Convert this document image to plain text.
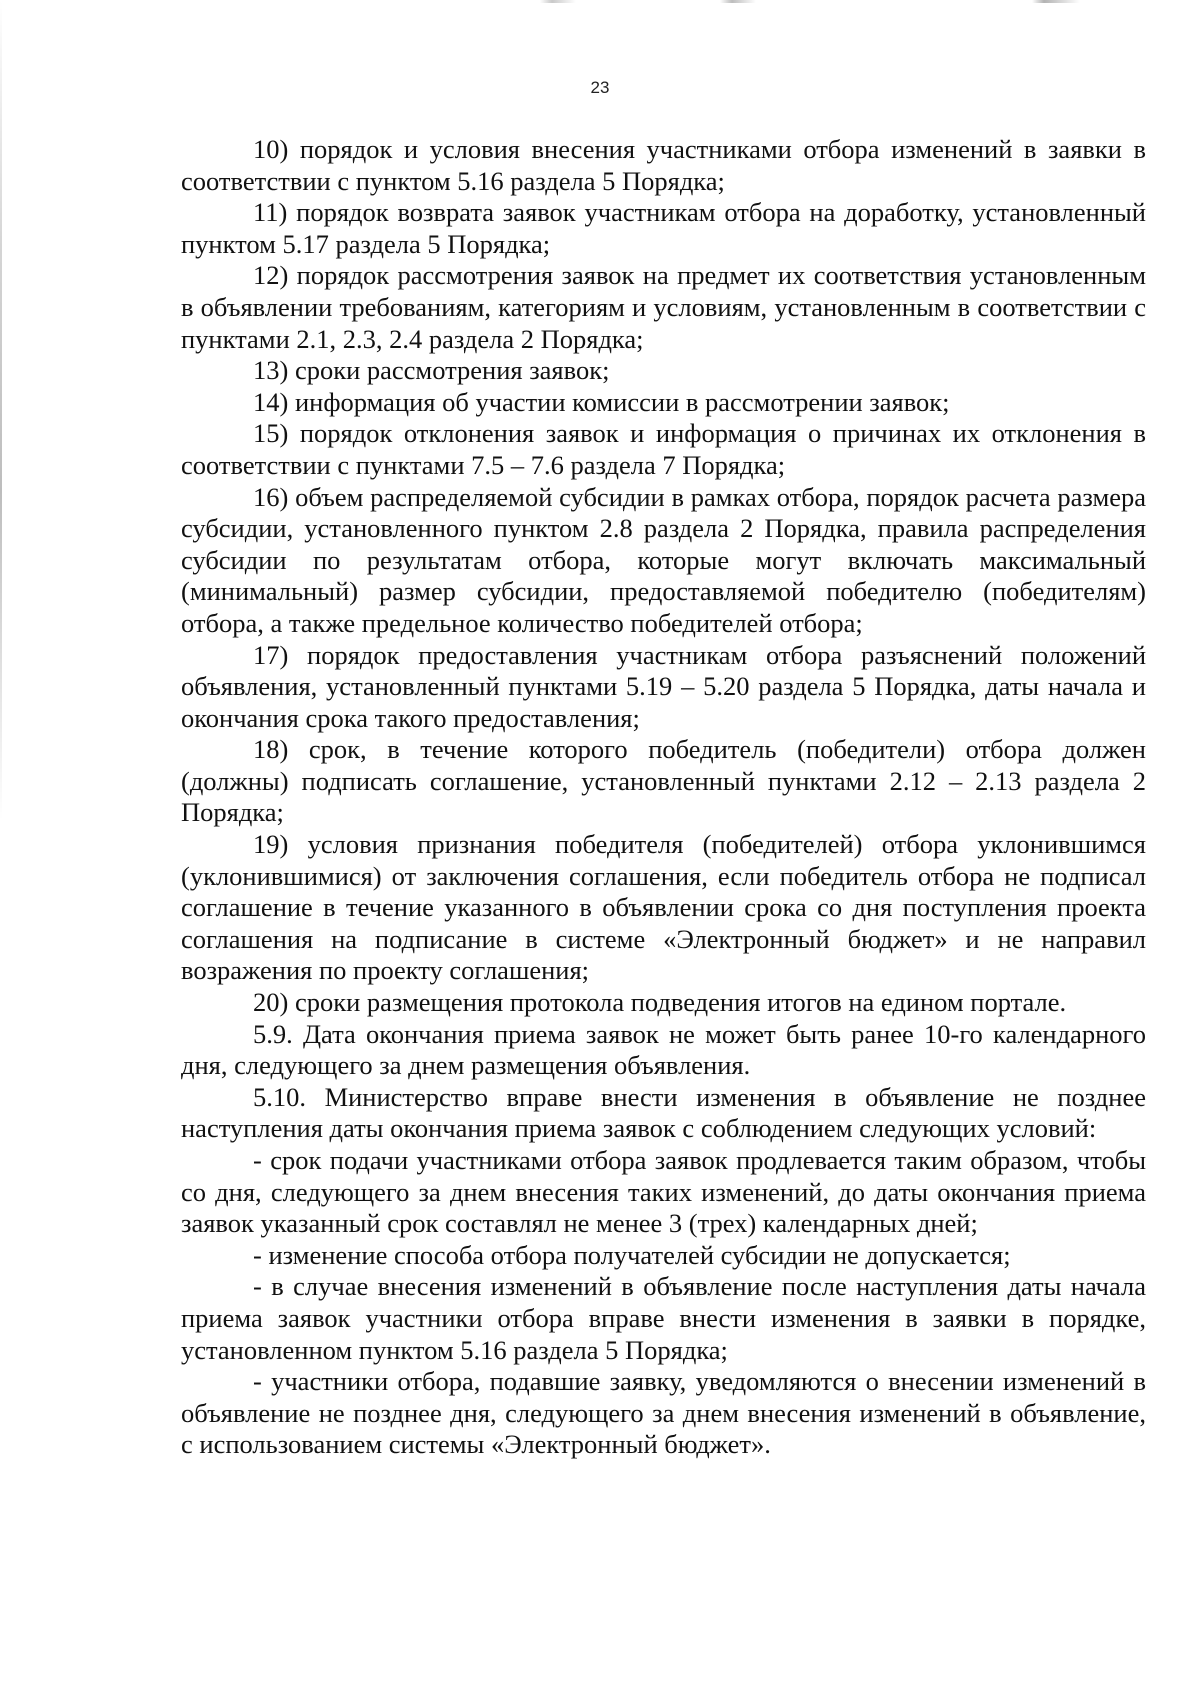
23

10) порядок и условия внесения участниками отбора изменений в заявки в соответствии с пунктом 5.16 раздела 5 Порядка;

11) порядок возврата заявок участникам отбора на доработку, установленный пунктом 5.17 раздела 5 Порядка;

12) порядок рассмотрения заявок на предмет их соответствия установленным в объявлении требованиям, категориям и условиям, установленным в соответствии с пунктами 2.1, 2.3, 2.4 раздела 2 Порядка;

13) сроки рассмотрения заявок;

14) информация об участии комиссии в рассмотрении заявок;

15) порядок отклонения заявок и информация о причинах их отклонения в соответствии с пунктами 7.5 – 7.6 раздела 7 Порядка;

16) объем распределяемой субсидии в рамках отбора, порядок расчета размера субсидии, установленного пунктом 2.8 раздела 2 Порядка, правила распределения субсидии по результатам отбора, которые могут включать максимальный (минимальный) размер субсидии, предоставляемой победителю (победителям) отбора, а также предельное количество победителей отбора;

17) порядок предоставления участникам отбора разъяснений положений объявления, установленный пунктами 5.19 – 5.20 раздела 5 Порядка, даты начала и окончания срока такого предоставления;

18) срок, в течение которого победитель (победители) отбора должен (должны) подписать соглашение, установленный пунктами 2.12 – 2.13 раздела 2 Порядка;

19) условия признания победителя (победителей) отбора уклонившимся (уклонившимися) от заключения соглашения, если победитель отбора не подписал соглашение в течение указанного в объявлении срока со дня поступления проекта соглашения на подписание в системе «Электронный бюджет» и не направил возражения по проекту соглашения;

20) сроки размещения протокола подведения итогов на едином портале.

5.9. Дата окончания приема заявок не может быть ранее 10-го календарного дня, следующего за днем размещения объявления.

5.10. Министерство вправе внести изменения в объявление не позднее наступления даты окончания приема заявок с соблюдением следующих условий:

- срок подачи участниками отбора заявок продлевается таким образом, чтобы со дня, следующего за днем внесения таких изменений, до даты окончания приема заявок указанный срок составлял не менее 3 (трех) календарных дней;

- изменение способа отбора получателей субсидии не допускается;

- в случае внесения изменений в объявление после наступления даты начала приема заявок участники отбора вправе внести изменения в заявки в порядке, установленном пунктом 5.16 раздела 5 Порядка;

- участники отбора, подавшие заявку, уведомляются о внесении изменений в объявление не позднее дня, следующего за днем внесения изменений в объявление, с использованием системы «Электронный бюджет».
